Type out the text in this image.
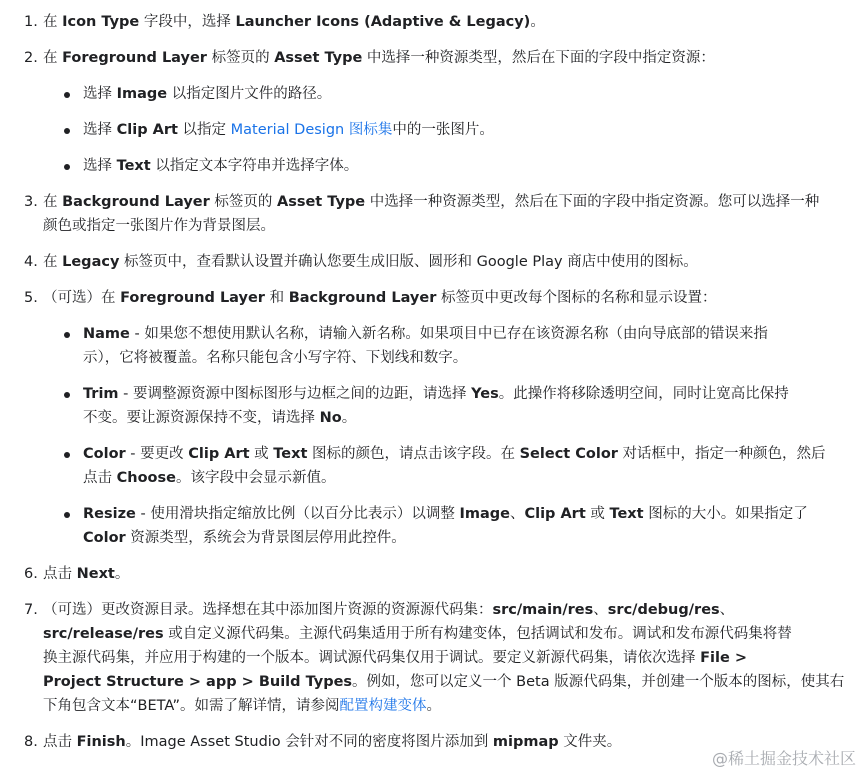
1. 在 Icon Type 字段中，选择 Launcher Icons (Adaptive & Legacy)。
2. 在 Foreground Layer 标签页的 Asset Type 中选择一种资源类型，然后在下面的字段中指定资源：
选择 Image 以指定图片文件的路径。
选择 Clip Art 以指定 Material Design 图标集中的一张图片。
选择 Text 以指定文本字符串并选择字体。
3. 在 Background Layer 标签页的 Asset Type 中选择一种资源类型，然后在下面的字段中指定资源。您可以选择一种
颜色或指定一张图片作为背景图层。
4. 在 Legacy 标签页中，查看默认设置并确认您要生成旧版、圆形和 Google Play 商店中使用的图标。
5. （可选）在 Foreground Layer 和 Background Layer 标签页中更改每个图标的名称和显示设置：
Name - 如果您不想使用默认名称，请输入新名称。如果项目中已存在该资源名称（由向导底部的错误来指
示），它将被覆盖。名称只能包含小写字符、下划线和数字。
Trim - 要调整源资源中图标图形与边框之间的边距，请选择 Yes。此操作将移除透明空间，同时让宽高比保持
不变。要让源资源保持不变，请选择 No。
Color - 要更改 Clip Art 或 Text 图标的颜色，请点击该字段。在 Select Color 对话框中，指定一种颜色，然后
点击 Choose。该字段中会显示新值。
Resize - 使用滑块指定缩放比例（以百分比表示）以调整 Image、Clip Art 或 Text 图标的大小。如果指定了
Color 资源类型，系统会为背景图层停用此控件。
6. 点击 Next。
7. （可选）更改资源目录。选择想在其中添加图片资源的资源源代码集：src/main/res、src/debug/res、
src/release/res 或自定义源代码集。主源代码集适用于所有构建变体，包括调试和发布。调试和发布源代码集将替
换主源代码集，并应用于构建的一个版本。调试源代码集仅用于调试。要定义新源代码集，请依次选择 File >
Project Structure > app > Build Types。例如，您可以定义一个 Beta 版源代码集，并创建一个版本的图标，使其右
下角包含文本“BETA”。如需了解详情，请参阅配置构建变体。
8. 点击 Finish。Image Asset Studio 会针对不同的密度将图片添加到 mipmap 文件夹。
@稀土掘金技术社区
